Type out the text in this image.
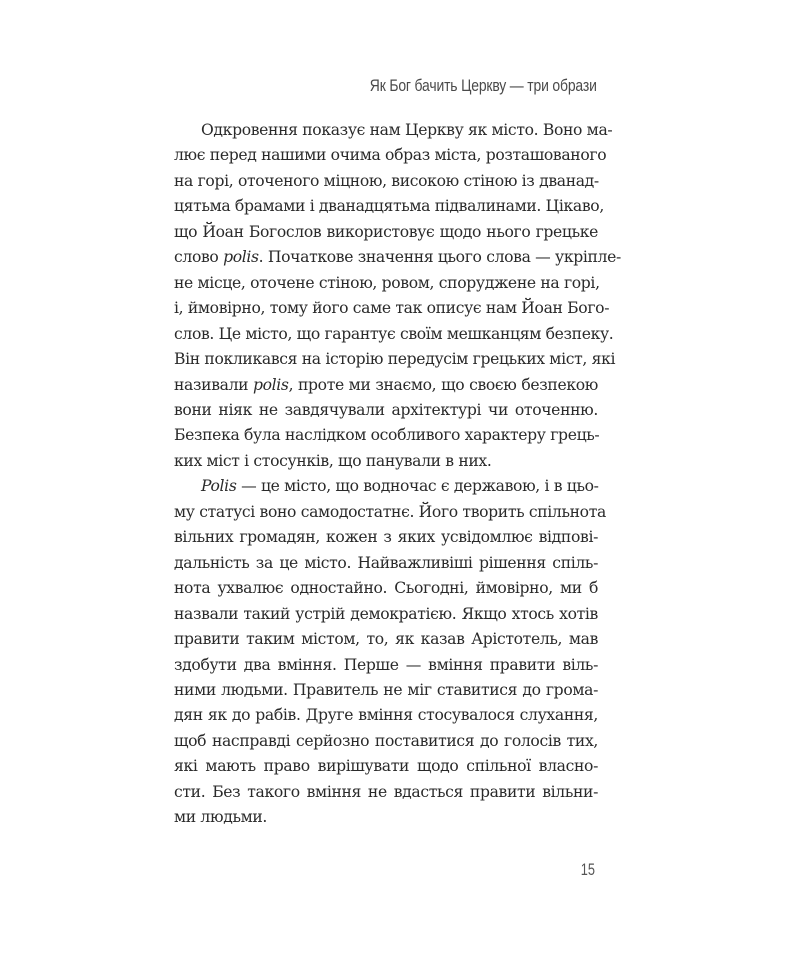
Як Бог бачить Церкву — три образи
Одкровення показує нам Церкву як місто. Воно ма-
лює перед нашими очима образ міста, розташованого
на горі, оточеного міцною, високою стіною із дванад-
цятьма брамами і дванадцятьма підвалинами. Цікаво,
що Йоан Богослов використовує щодо нього грецьке
слово polis. Початкове значення цього слова — укріпле-
не місце, оточене стіною, ровом, споруджене на горі,
і, ймовірно, тому його саме так описує нам Йоан Бого-
слов. Це місто, що гарантує своїм мешканцям безпеку.
Він покликався на історію передусім грецьких міст, які
називали polis, проте ми знаємо, що своєю безпекою
вони ніяк не завдячували архітектурі чи оточенню.
Безпека була наслідком особливого характеру грець-
ких міст і стосунків, що панували в них.
Polis — це місто, що водночас є державою, і в цьо-
му статусі воно самодостатнє. Його творить спільнота
вільних громадян, кожен з яких усвідомлює відпові-
дальність за це місто. Найважливіші рішення спіль-
нота ухвалює одностайно. Сьогодні, ймовірно, ми б
назвали такий устрій демократією. Якщо хтось хотів
правити таким містом, то, як казав Арістотель, мав
здобути два вміння. Перше — вміння правити віль-
ними людьми. Правитель не міг ставитися до грома-
дян як до рабів. Друге вміння стосувалося слухання,
щоб насправді серйозно поставитися до голосів тих,
які мають право вирішувати щодо спільної власно-
сти. Без такого вміння не вдасться правити вільни-
ми людьми.
15
